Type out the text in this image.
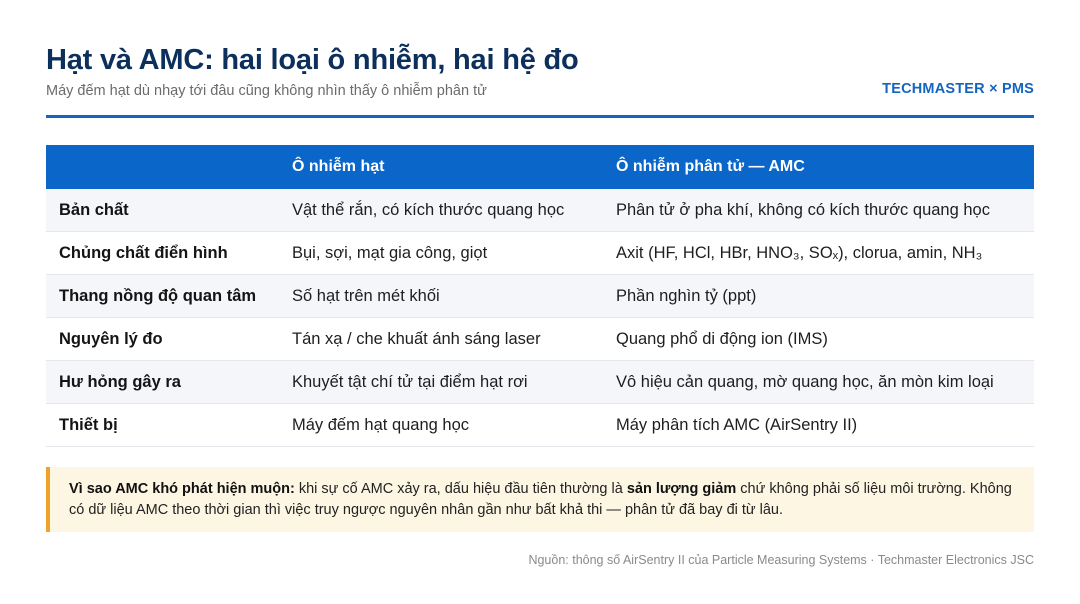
Hạt và AMC: hai loại ô nhiễm, hai hệ đo
Máy đếm hạt dù nhạy tới đâu cũng không nhìn thấy ô nhiễm phân tử	TECHMASTER × PMS
	Ô nhiễm hạt	Ô nhiễm phân tử — AMC
Bản chất	Vật thể rắn, có kích thước quang học	Phân tử ở pha khí, không có kích thước quang học
Chủng chất điển hình	Bụi, sợi, mạt gia công, giọt	Axit (HF, HCl, HBr, HNO₃, SOₓ), clorua, amin, NH₃
Thang nồng độ quan tâm	Số hạt trên mét khối	Phần nghìn tỷ (ppt)
Nguyên lý đo	Tán xạ / che khuất ánh sáng laser	Quang phổ di động ion (IMS)
Hư hỏng gây ra	Khuyết tật chí tử tại điểm hạt rơi	Vô hiệu cản quang, mờ quang học, ăn mòn kim loại
Thiết bị	Máy đếm hạt quang học	Máy phân tích AMC (AirSentry II)
Vì sao AMC khó phát hiện muộn: khi sự cố AMC xảy ra, dấu hiệu đầu tiên thường là sản lượng giảm chứ không phải số liệu môi trường. Không có dữ liệu AMC theo thời gian thì việc truy ngược nguyên nhân gần như bất khả thi — phân tử đã bay đi từ lâu.
Nguồn: thông số AirSentry II của Particle Measuring Systems · Techmaster Electronics JSC
